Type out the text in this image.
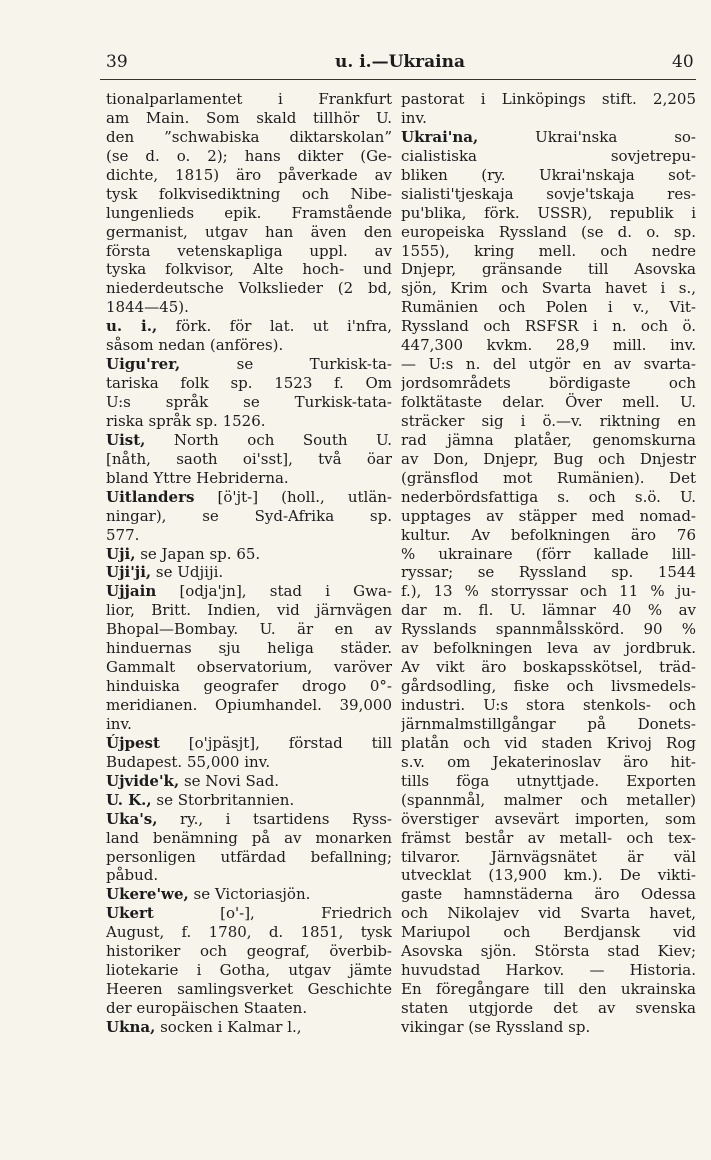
39	u. i.—Ukraina	40
tionalparlamentet i Frankfurt
am Main. Som skald tillhör U.
den ”schwabiska diktarskolan”
(se d. o. 2); hans dikter (Ge-
dichte, 1815) äro påverkade av
tysk folkvisediktning och Nibe-
lungenlieds epik. Framstående
germanist, utgav han även den
första vetenskapliga uppl. av
tyska folkvisor, Alte hoch- und
niederdeutsche Volkslieder (2 bd,
1844—45).
u. i., förk. för lat. ut i'nfra,
såsom nedan (anföres).
Uigu'rer, se Turkisk-ta-
tariska folk sp. 1523 f. Om
U:s språk se Turkisk-tata-
riska språk sp. 1526.
Uist, North och South U.
[nåth, saoth oi'sst], två öar
bland Yttre Hebriderna.
Uitlanders [ö'jt-] (holl., utlän-
ningar), se Syd-Afrika sp.
577.
Uji, se Japan sp. 65.
Uji'ji, se Udjiji.
Ujjain [odja'jn], stad i Gwa-
lior, Britt. Indien, vid järnvägen
Bhopal—Bombay. U. är en av
hinduernas sju heliga städer.
Gammalt observatorium, varöver
hinduiska geografer drogo 0°-
meridianen. Opiumhandel. 39,000
inv.
Újpest [o'jpäsjt], förstad till
Budapest. 55,000 inv.
Ujvide'k, se Novi Sad.
U. K., se Storbritannien.
Uka's, ry., i tsartidens Ryss-
land benämning på av monarken
personligen utfärdad befallning;
påbud.
Ukere'we, se Victoriasjön.
Ukert [o'-], Friedrich
August, f. 1780, d. 1851, tysk
historiker och geograf, överbib-
liotekarie i Gotha, utgav jämte
Heeren samlingsverket Geschichte
der europäischen Staaten.
Ukna, socken i Kalmar l.,
pastorat i Linköpings stift. 2,205
inv.
Ukrai'na, Ukrai'nska so-
cialistiska sovjetrepu-
bliken (ry. Ukrai'nskaja sot-
sialisti'tjeskaja sovje'tskaja res-
pu'blika, förk. USSR), republik i
europeiska Ryssland (se d. o. sp.
1555), kring mell. och nedre
Dnjepr, gränsande till Asovska
sjön, Krim och Svarta havet i s.,
Rumänien och Polen i v., Vit-
Ryssland och RSFSR i n. och ö.
447,300 kvkm. 28,9 mill. inv.
— U:s n. del utgör en av svarta-
jordsområdets bördigaste och
folktätaste delar. Över mell. U.
sträcker sig i ö.—v. riktning en
rad jämna platåer, genomskurna
av Don, Dnjepr, Bug och Dnjestr
(gränsflod mot Rumänien). Det
nederbördsfattiga s. och s.ö. U.
upptages av stäpper med nomad-
kultur. Av befolkningen äro 76
% ukrainare (förr kallade lill-
ryssar; se Ryssland sp. 1544
f.), 13 % storryssar och 11 % ju-
dar m. fl. U. lämnar 40 % av
Rysslands spannmålsskörd. 90 %
av befolkningen leva av jordbruk.
Av vikt äro boskapsskötsel, träd-
gårdsodling, fiske och livsmedels-
industri. U:s stora stenkols- och
järnmalmstillgångar på Donets-
platån och vid staden Krivoj Rog
s.v. om Jekaterinoslav äro hit-
tills föga utnyttjade. Exporten
(spannmål, malmer och metaller)
överstiger avsevärt importen, som
främst består av metall- och tex-
tilvaror. Järnvägsnätet är väl
utvecklat (13,900 km.). De vikti-
gaste hamnstäderna äro Odessa
och Nikolajev vid Svarta havet,
Mariupol och Berdjansk vid
Asovska sjön. Största stad Kiev;
huvudstad Harkov. — Historia.
En föregångare till den ukrainska
staten utgjorde det av svenska
vikingar (se Ryssland sp.
